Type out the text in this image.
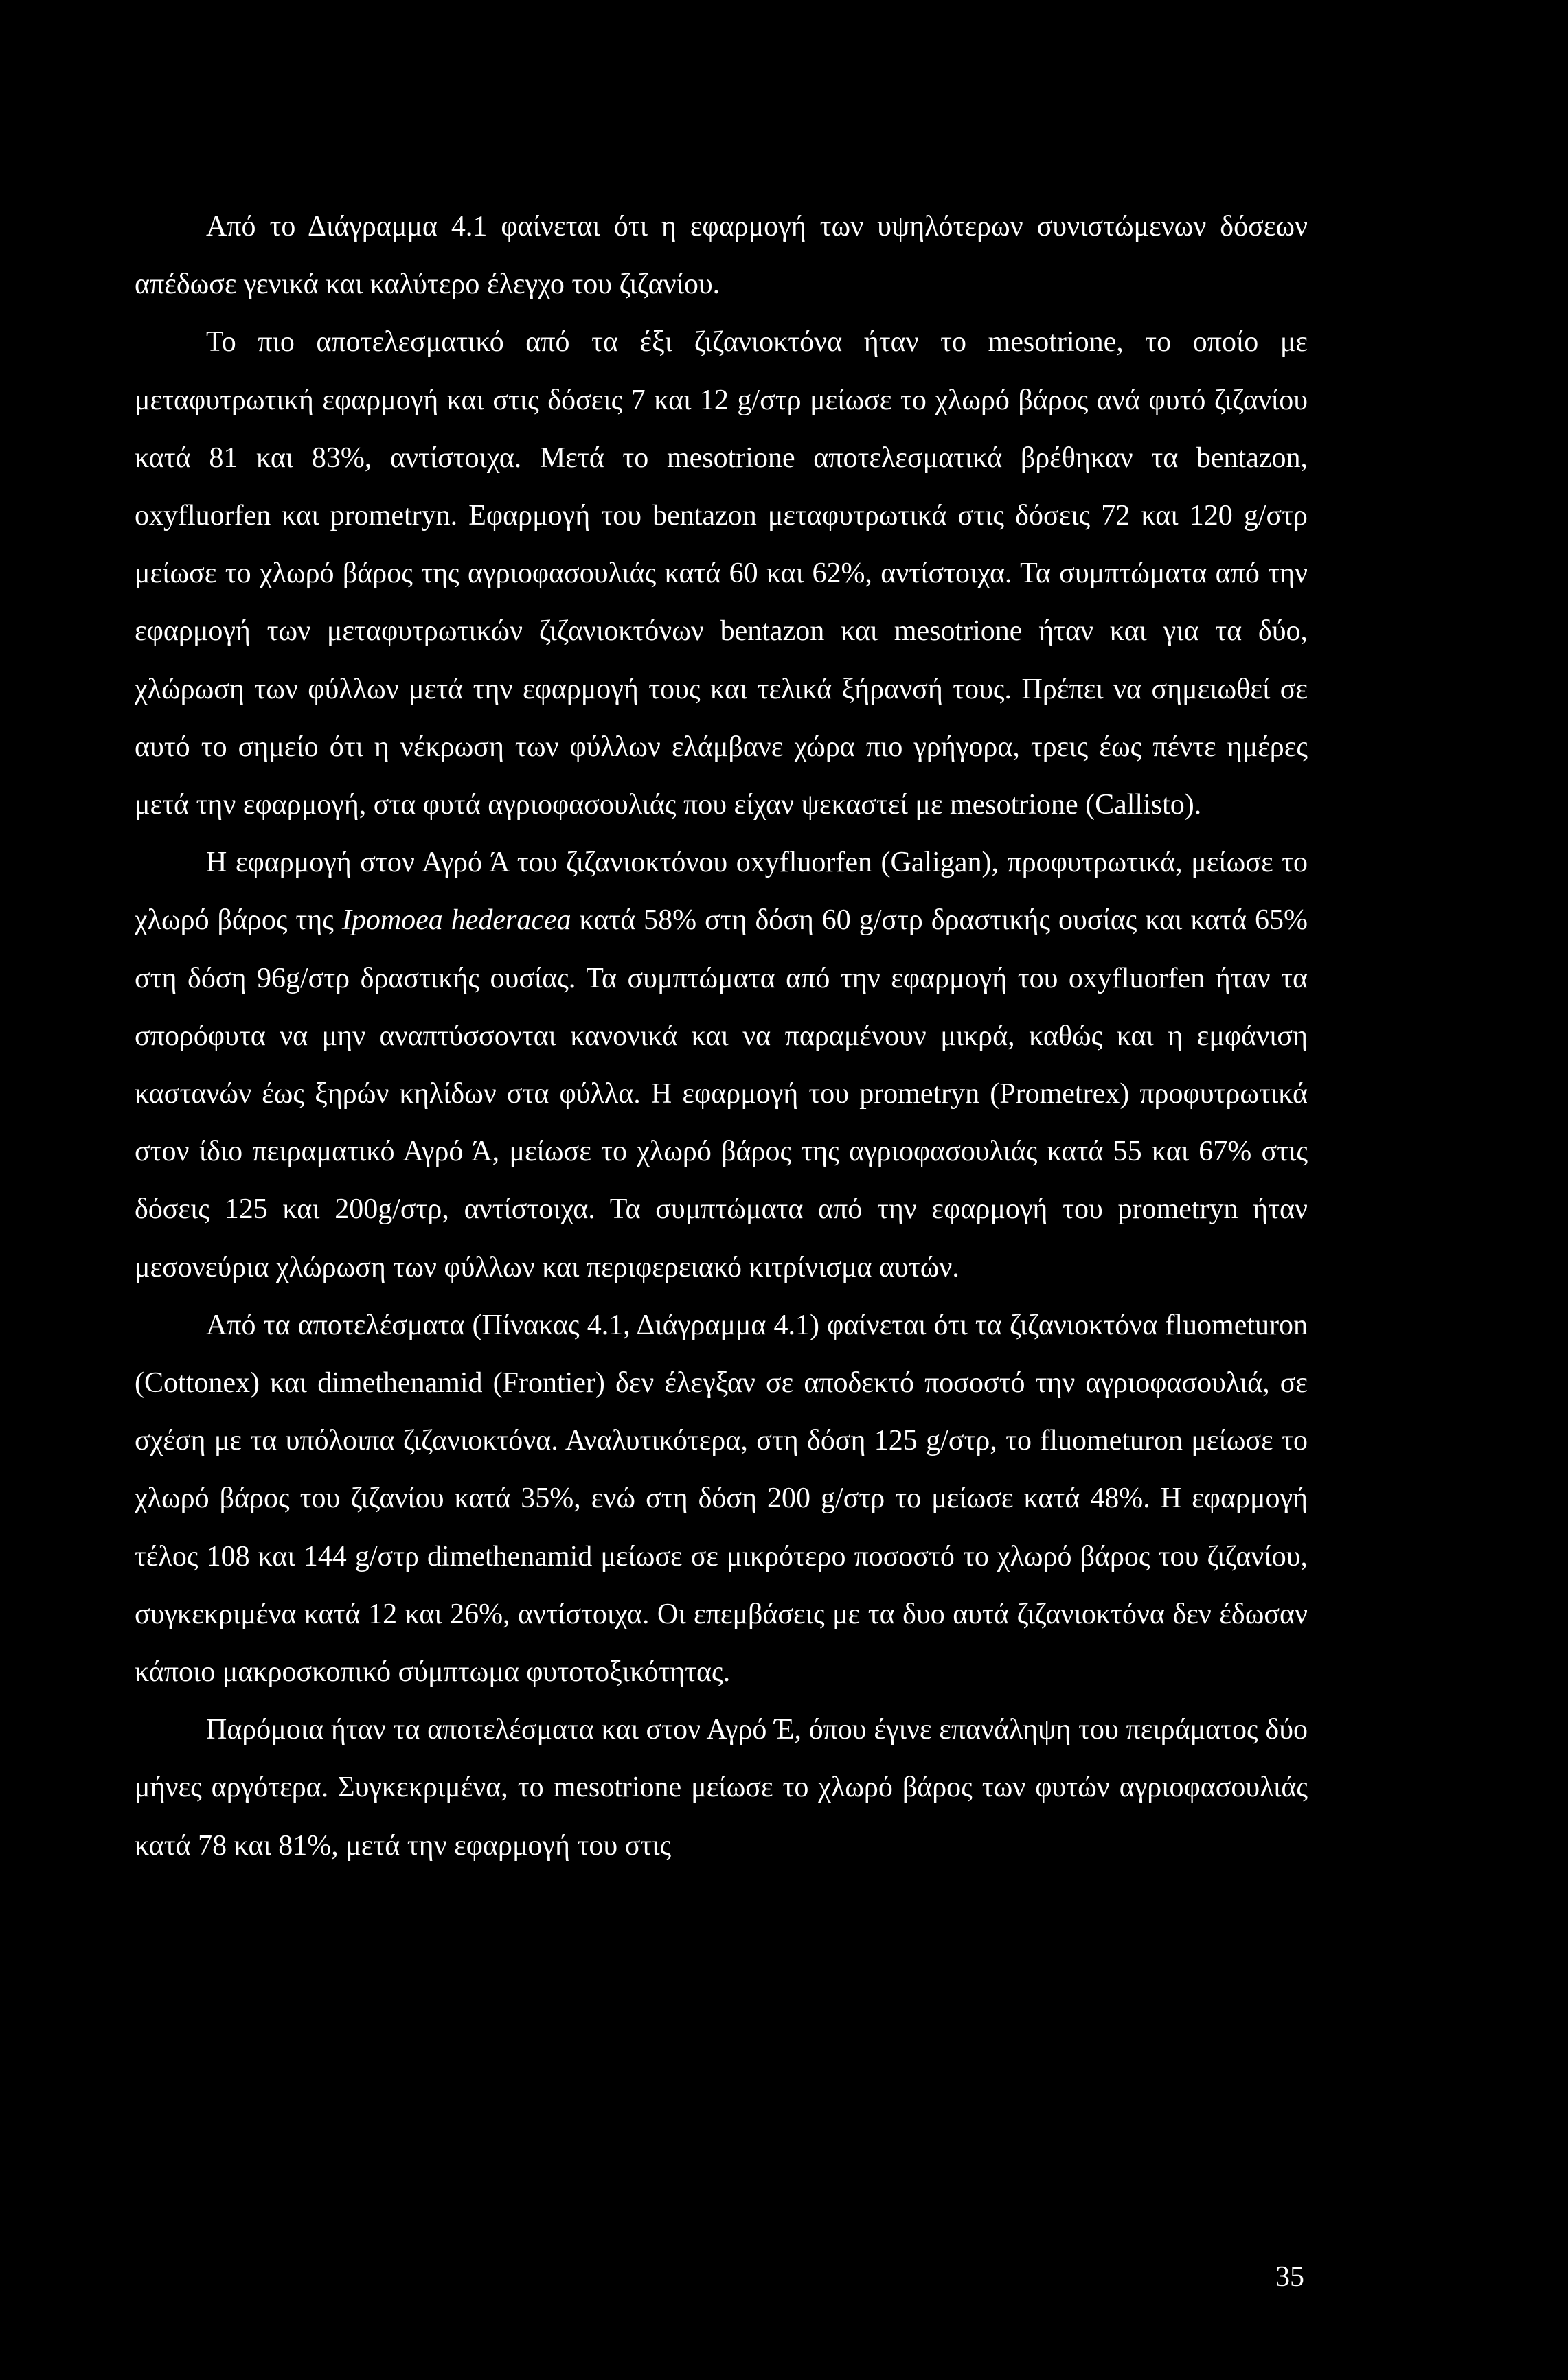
Από το Διάγραμμα 4.1 φαίνεται ότι η εφαρμογή των υψηλότερων συνιστώμενων δόσεων απέδωσε γενικά και καλύτερο έλεγχο του ζιζανίου.

Το πιο αποτελεσματικό από τα έξι ζιζανιοκτόνα ήταν το mesotrione, το οποίο με μεταφυτρωτική εφαρμογή και στις δόσεις 7 και 12 g/στρ μείωσε το χλωρό βάρος ανά φυτό ζιζανίου κατά 81 και 83%, αντίστοιχα. Μετά το mesotrione αποτελεσματικά βρέθηκαν τα bentazon, oxyfluorfen και prometryn. Εφαρμογή του bentazon μεταφυτρωτικά στις δόσεις 72 και 120 g/στρ μείωσε το χλωρό βάρος της αγριοφασουλιάς κατά 60 και 62%, αντίστοιχα. Τα συμπτώματα από την εφαρμογή των μεταφυτρωτικών ζιζανιοκτόνων bentazon και mesotrione ήταν και για τα δύο, χλώρωση των φύλλων μετά την εφαρμογή τους και τελικά ξήρανσή τους. Πρέπει να σημειωθεί σε αυτό το σημείο ότι η νέκρωση των φύλλων ελάμβανε χώρα πιο γρήγορα, τρεις έως πέντε ημέρες μετά την εφαρμογή, στα φυτά αγριοφασουλιάς που είχαν ψεκαστεί με mesotrione (Callisto).

Η εφαρμογή στον Αγρό Ά του ζιζανιοκτόνου oxyfluorfen (Galigan), προφυτρωτικά, μείωσε το χλωρό βάρος της Ipomoea hederacea κατά 58% στη δόση 60 g/στρ δραστικής ουσίας και κατά 65% στη δόση 96g/στρ δραστικής ουσίας. Τα συμπτώματα από την εφαρμογή του oxyfluorfen ήταν τα σπορόφυτα να μην αναπτύσσονται κανονικά και να παραμένουν μικρά, καθώς και η εμφάνιση καστανών έως ξηρών κηλίδων στα φύλλα. Η εφαρμογή του prometryn (Prometrex) προφυτρωτικά στον ίδιο πειραματικό Αγρό Ά, μείωσε το χλωρό βάρος της αγριοφασουλιάς κατά 55 και 67% στις δόσεις 125 και 200g/στρ, αντίστοιχα. Τα συμπτώματα από την εφαρμογή του prometryn ήταν μεσονεύρια χλώρωση των φύλλων και περιφερειακό κιτρίνισμα αυτών.

Από τα αποτελέσματα (Πίνακας 4.1, Διάγραμμα 4.1) φαίνεται ότι τα ζιζανιοκτόνα fluometuron (Cottonex) και dimethenamid (Frontier) δεν έλεγξαν σε αποδεκτό ποσοστό την αγριοφασουλιά, σε σχέση με τα υπόλοιπα ζιζανιοκτόνα. Αναλυτικότερα, στη δόση 125 g/στρ, το fluometuron μείωσε το χλωρό βάρος του ζιζανίου κατά 35%, ενώ στη δόση 200 g/στρ το μείωσε κατά 48%. Η εφαρμογή τέλος 108 και 144 g/στρ dimethenamid μείωσε σε μικρότερο ποσοστό το χλωρό βάρος του ζιζανίου, συγκεκριμένα κατά 12 και 26%, αντίστοιχα. Οι επεμβάσεις με τα δυο αυτά ζιζανιοκτόνα δεν έδωσαν κάποιο μακροσκοπικό σύμπτωμα φυτοτοξικότητας.

Παρόμοια ήταν τα αποτελέσματα και στον Αγρό Έ, όπου έγινε επανάληψη του πειράματος δύο μήνες αργότερα. Συγκεκριμένα, το mesotrione μείωσε το χλωρό βάρος των φυτών αγριοφασουλιάς κατά 78 και 81%, μετά την εφαρμογή του στις

35
